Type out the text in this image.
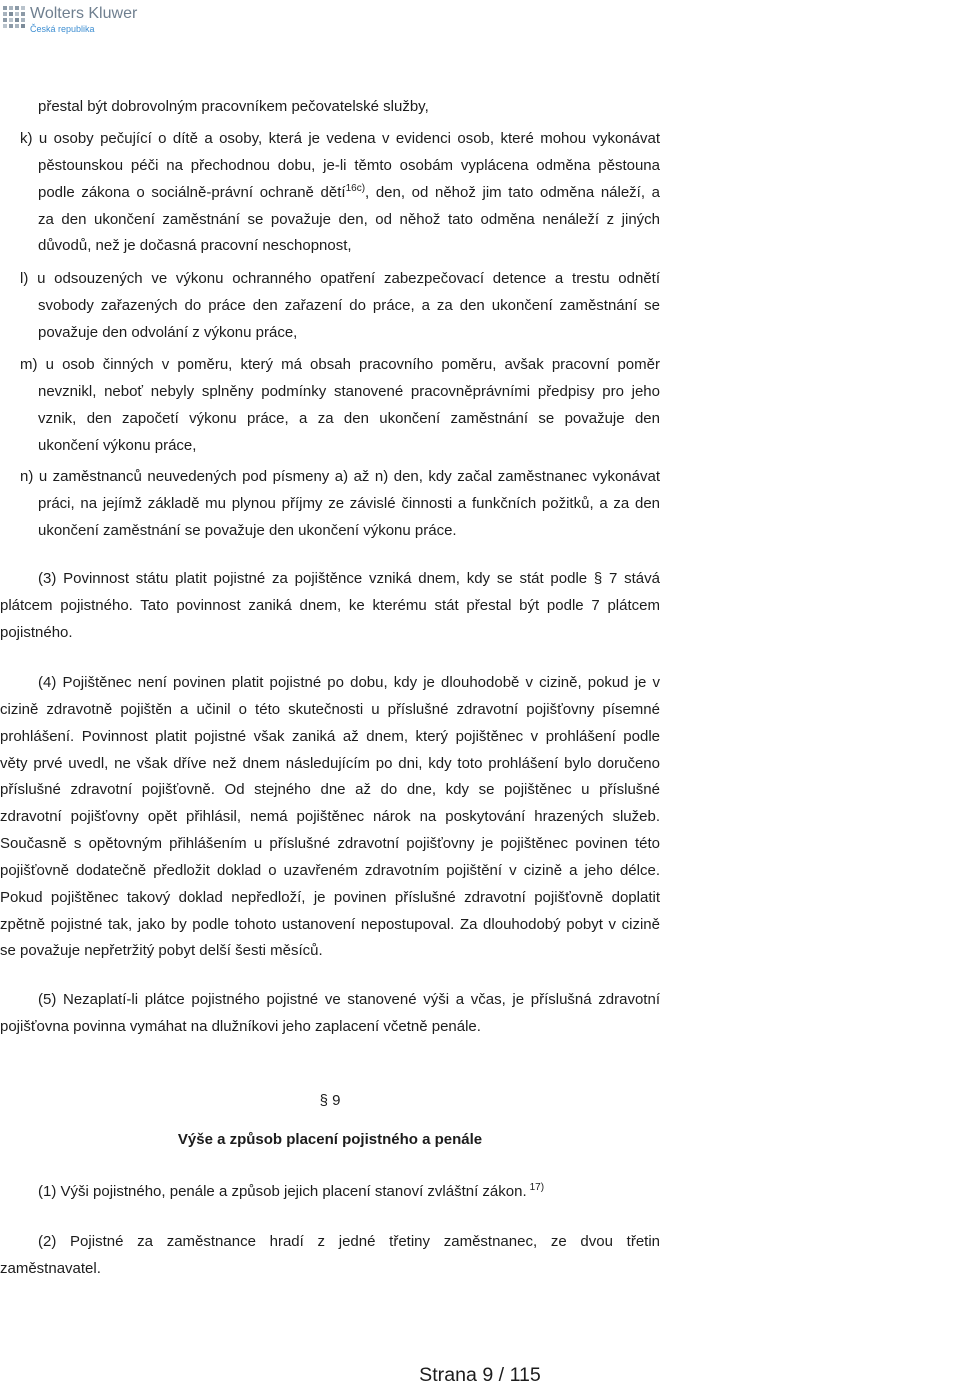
Wolters Kluwer
Česká republika
přestal být dobrovolným pracovníkem pečovatelské služby,
k) u osoby pečující o dítě a osoby, která je vedena v evidenci osob, které mohou vykonávat
pěstounskou péči na přechodnou dobu, je-li těmto osobám vyplácena odměna pěstouna
podle zákona o sociálně-právní ochraně dětí$^{16c)}$, den, od něhož jim tato odměna náleží, a
za den ukončení zaměstnání se považuje den, od něhož tato odměna nenáleží z jiných
důvodů, než je dočasná pracovní neschopnost,
l) u odsouzených ve výkonu ochranného opatření zabezpečovací detence a trestu odnětí
svobody zařazených do práce den zařazení do práce, a za den ukončení zaměstnání se
považuje den odvolání z výkonu práce,
m) u osob činných v poměru, který má obsah pracovního poměru, avšak pracovní poměr
nevznikl, neboť nebyly splněny podmínky stanovené pracovněprávními předpisy pro jeho
vznik, den započetí výkonu práce, a za den ukončení zaměstnání se považuje den
ukončení výkonu práce,
n) u zaměstnanců neuvedených pod písmeny a) až n) den, kdy začal zaměstnanec vykonávat
práci, na jejímž základě mu plynou příjmy ze závislé činnosti a funkčních požitků, a za den
ukončení zaměstnání se považuje den ukončení výkonu práce.
(3) Povinnost státu platit pojistné za pojištěnce vzniká dnem, kdy se stát podle § 7 stává
plátcem pojistného. Tato povinnost zaniká dnem, ke kterému stát přestal být podle 7 plátcem
pojistného.
(4) Pojištěnec není povinen platit pojistné po dobu, kdy je dlouhodobě v cizině, pokud je v
cizině zdravotně pojištěn a učinil o této skutečnosti u příslušné zdravotní pojišťovny písemné
prohlášení. Povinnost platit pojistné však zaniká až dnem, který pojištěnec v prohlášení podle
věty prvé uvedl, ne však dříve než dnem následujícím po dni, kdy toto prohlášení bylo doručeno
příslušné zdravotní pojišťovně. Od stejného dne až do dne, kdy se pojištěnec u příslušné
zdravotní pojišťovny opět přihlásil, nemá pojištěnec nárok na poskytování hrazených služeb.
Současně s opětovným přihlášením u příslušné zdravotní pojišťovny je pojištěnec povinen této
pojišťovně dodatečně předložit doklad o uzavřeném zdravotním pojištění v cizině a jeho délce.
Pokud pojištěnec takový doklad nepředloží, je povinen příslušné zdravotní pojišťovně doplatit
zpětně pojistné tak, jako by podle tohoto ustanovení nepostupoval. Za dlouhodobý pobyt v cizině
se považuje nepřetržitý pobyt delší šesti měsíců.
(5) Nezaplatí-li plátce pojistného pojistné ve stanovené výši a včas, je příslušná zdravotní
pojišťovna povinna vymáhat na dlužníkovi jeho zaplacení včetně penále.
§ 9
Výše a způsob placení pojistného a penále
(1) Výši pojistného, penále a způsob jejich placení stanoví zvláštní zákon. $^{17)}$
(2) Pojistné za zaměstnance hradí z jedné třetiny zaměstnanec, ze dvou třetin
zaměstnavatel.
Strana 9 / 115
